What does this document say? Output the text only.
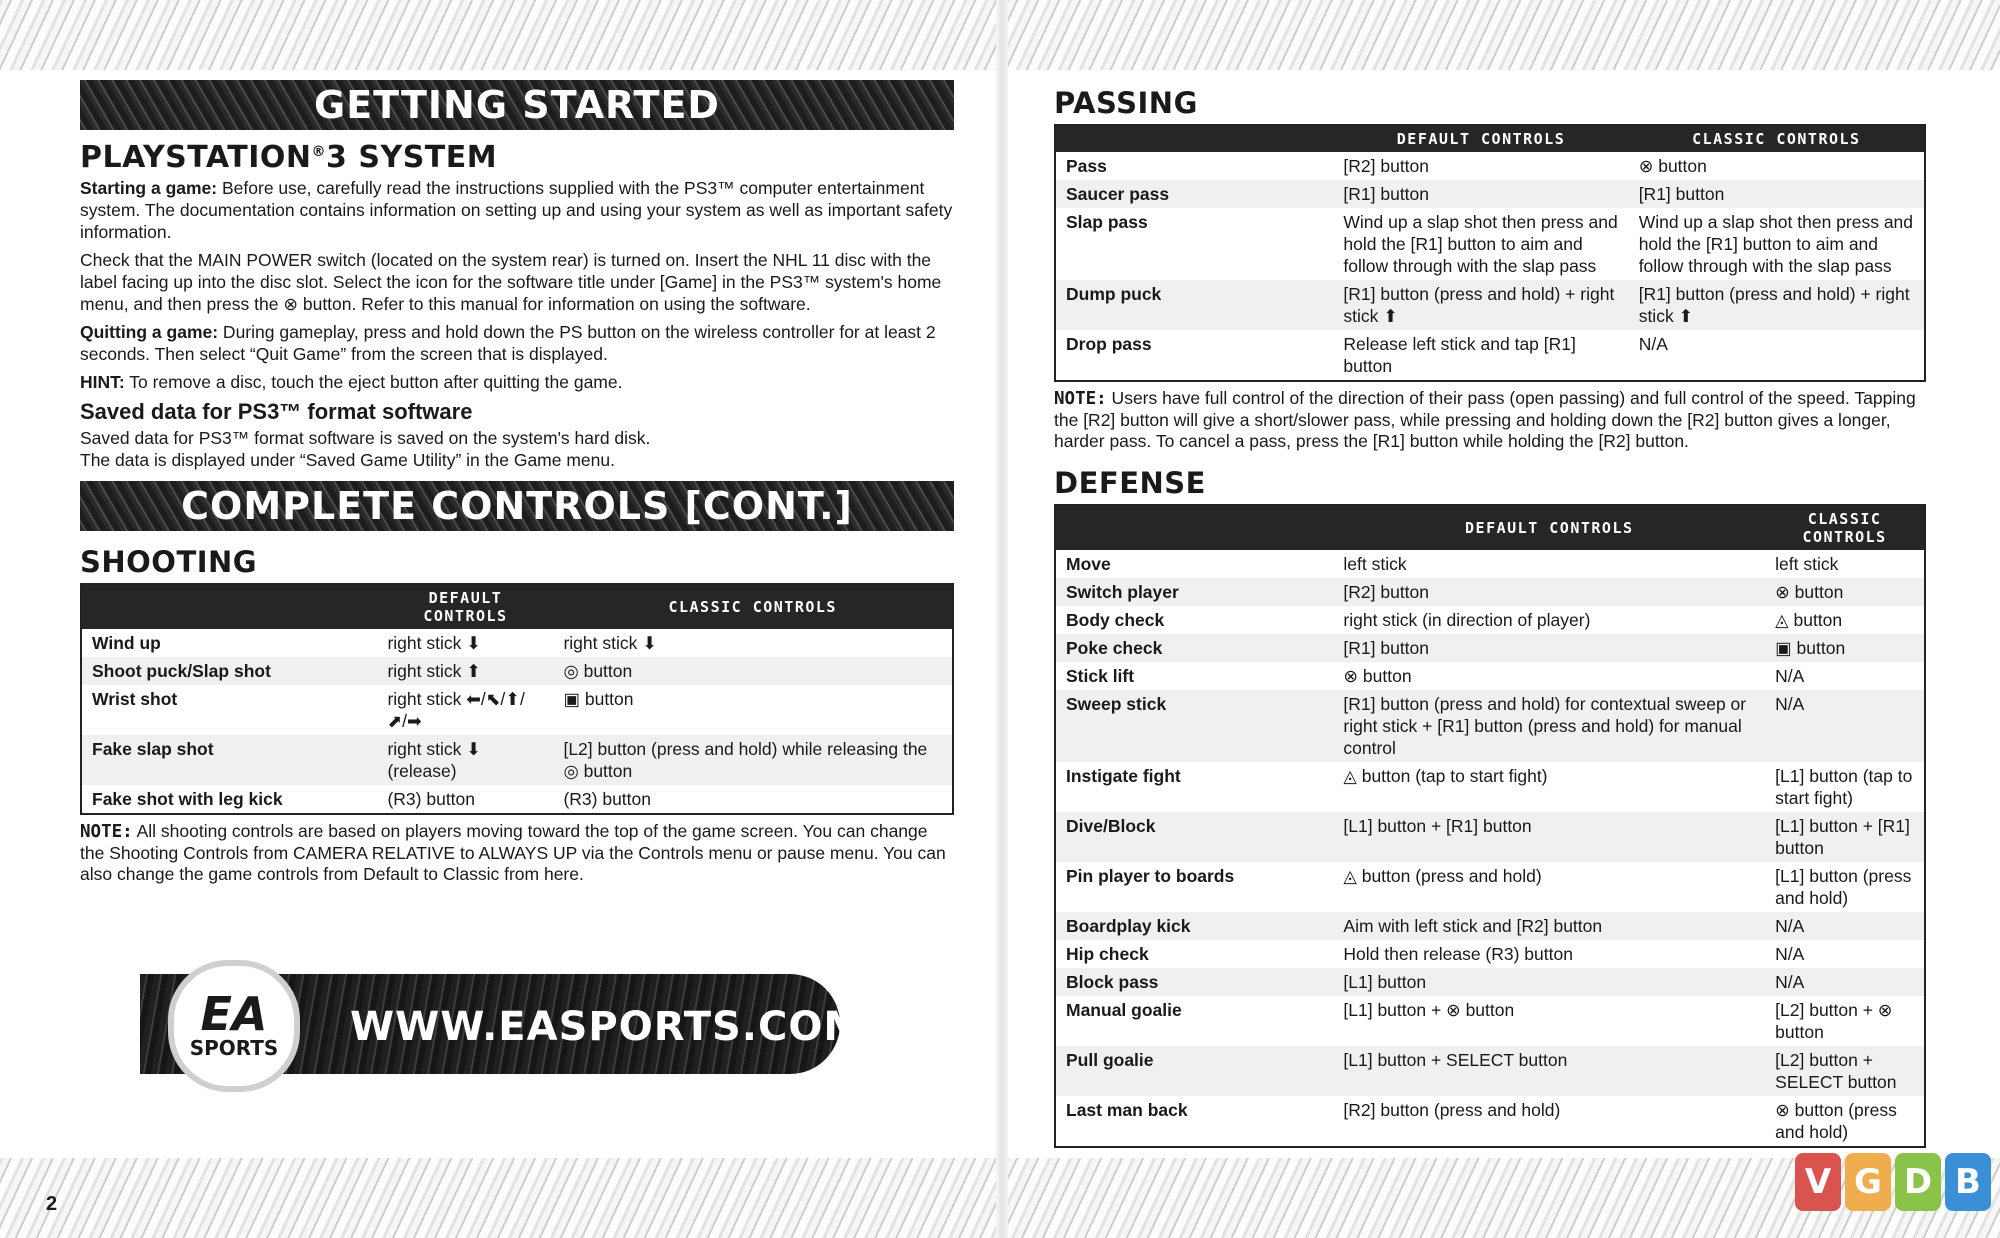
GETTING STARTED
PLAYSTATION®3 SYSTEM

Starting a game: Before use, carefully read the instructions supplied with the PS3™ computer entertainment system. The documentation contains information on setting up and using your system as well as important safety information.

Check that the MAIN POWER switch (located on the system rear) is turned on. Insert the NHL 11 disc with the label facing up into the disc slot. Select the icon for the software title under [Game] in the PS3™ system's home menu, and then press the ⊗ button. Refer to this manual for information on using the software.

Quitting a game: During gameplay, press and hold down the PS button on the wireless controller for at least 2 seconds. Then select “Quit Game” from the screen that is displayed.

HINT: To remove a disc, touch the eject button after quitting the game.

Saved data for PS3™ format software

Saved data for PS3™ format software is saved on the system's hard disk.

The data is displayed under “Saved Game Utility” in the Game menu.

COMPLETE CONTROLS [CONT.]
SHOOTING
	DEFAULT CONTROLS	CLASSIC CONTROLS
Wind up	right stick ⬇	right stick ⬇
Shoot puck/Slap shot	right stick ⬆	◎ button
Wrist shot	right stick ⬅/⬉/⬆/⬈/➡	▣ button
Fake slap shot	right stick ⬇ (release)	[L2] button (press and hold) while releasing the ◎ button
Fake shot with leg kick	(R3) button	(R3) button
NOTE: All shooting controls are based on players moving toward the top of the game screen. You can change the Shooting Controls from CAMERA RELATIVE to ALWAYS UP via the Controls menu or pause menu. You can also change the game controls from Default to Classic from here.
EA
SPORTS WWW.EASPORTS.COM
2
PASSING
	DEFAULT CONTROLS	CLASSIC CONTROLS
Pass	[R2] button	⊗ button
Saucer pass	[R1] button	[R1] button
Slap pass	Wind up a slap shot then press and hold the [R1] button to aim and follow through with the slap pass	Wind up a slap shot then press and hold the [R1] button to aim and follow through with the slap pass
Dump puck	[R1] button (press and hold) + right stick ⬆	[R1] button (press and hold) + right stick ⬆
Drop pass	Release left stick and tap [R1] button	N/A
NOTE: Users have full control of the direction of their pass (open passing) and full control of the speed. Tapping the [R2] button will give a short/slower pass, while pressing and holding down the [R2] button gives a longer, harder pass. To cancel a pass, press the [R1] button while holding the [R2] button.
DEFENSE
	DEFAULT CONTROLS	CLASSIC CONTROLS
Move	left stick	left stick
Switch player	[R2] button	⊗ button
Body check	right stick (in direction of player)	◬ button
Poke check	[R1] button	▣ button
Stick lift	⊗ button	N/A
Sweep stick	[R1] button (press and hold) for contextual sweep or right stick + [R1] button (press and hold) for manual control	N/A
Instigate fight	◬ button (tap to start fight)	[L1] button (tap to start fight)
Dive/Block	[L1] button + [R1] button	[L1] button + [R1] button
Pin player to boards	◬ button (press and hold)	[L1] button (press and hold)
Boardplay kick	Aim with left stick and [R2] button	N/A
Hip check	Hold then release (R3) button	N/A
Block pass	[L1] button	N/A
Manual goalie	[L1] button + ⊗ button	[L2] button + ⊗ button
Pull goalie	[L1] button + SELECT button	[L2] button + SELECT button
Last man back	[R2] button (press and hold)	⊗ button (press and hold)
V G D B
